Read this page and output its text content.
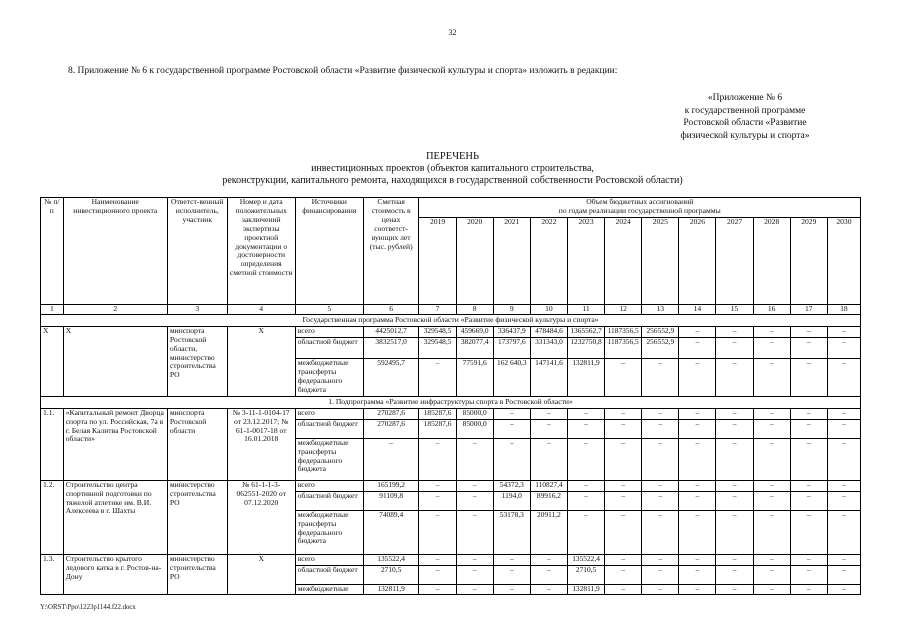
32
8. Приложение № 6 к государственной программе Ростовской области «Развитие физической культуры и спорта» изложить в редакции:
«Приложение № 6
к государственной программе
Ростовской области «Развитие
физической культуры и спорта»
ПЕРЕЧЕНЬ
инвестиционных проектов (объектов капитального строительства,
реконструкции, капитального ремонта, находящихся в государственной собственности Ростовской области)
№ п/п	Наименование инвестиционного проекта	Ответст-венный исполнитель, участник	Номер и дата положительных заключений экспертизы проектной документации о достоверности определения сметной стоимости	Источники финансирования	Сметная стоимость в ценах соответст-вующих лет (тыс. рублей)	Объем бюджетных ассигнований
по годам реализации государственной программы											

						2019	2020	2021	2022	2023	2024	2025	2026	2027	2028	2029	2030
1	2	3	4	5	6	7	8	9	10	11	12	13	14	15	16	17	18
Государственная программа Ростовской области «Развитие физической культуры и спорта»																	
Х	Х	минспорта Ростовской области, министерство строительства РО	Х	всего	4425012,7	329548,5	459669,0	336437,9	478484,6	1365562,7	1187356,5	256552,9	–	–	–	–	–
				областной бюджет	3832517,0	329548,5	382077,4	173797,6	331343,0	1232750,8	1187356,5	256552,9	–	–	–	–	–
				межбюджетные трансферты федерального бюджета	592495,7	–	77591,6	162 640,3	147141,6	132811,9	–	–	–	–	–	–	–
1. Подпрограмма «Развитие инфраструктуры спорта в Ростовской области»																	
1.1.	«Капитальный ремонт Дворца спорта по ул. Российская, 7а в г. Белая Калитва Ростовской области»	минспорта Ростовской области	№ 3-11-1-0104-17 от 23.12.2017; № 61-1-0017-18 от 16.01.2018	всего	270287,6	185287,6	85000,0	–	–	–	–	–	–	–	–	–	–
				областной бюджет	270287,6	185287,6	85000,0	–	–	–	–	–	–	–	–	–	–
				межбюджетные трансферты федерального бюджета	–	–	–	–	–	–	–	–	–	–	–	–	–
1.2.	Строительство центра спортивной подготовки по тяжелой атлетике им. В.И. Алексеева в г. Шахты	министерство строительства РО	№ 61-1-1-3-062551-2020 от 07.12.2020	всего	165199,2	–	–	54372,3	110827,4	–	–	–	–	–	–	–	–
				областной бюджет	91109,8	–	–	1194,0	89916,2	–	–	–	–	–	–	–	–
				межбюджетные трансферты федерального бюджета	74089,4	–	–	53178,3	20911,2	–	–	–	–	–	–	–	–
1.3.	Строительство крытого ледового катка в г. Ростов-на-Дону	министерство строительства РО	Х	всего	135522,4	–	–	–	–	135522,4	–	–	–	–	–	–	–
				областной бюджет	2710,5	–	–	–	–	2710,5	–	–	–	–	–	–	–
				межбюджетные	132811,9	–	–	–	–	132811,9	–	–	–	–	–	–	–
Y:\ORST\Ppo\1223p1144.f22.docx
